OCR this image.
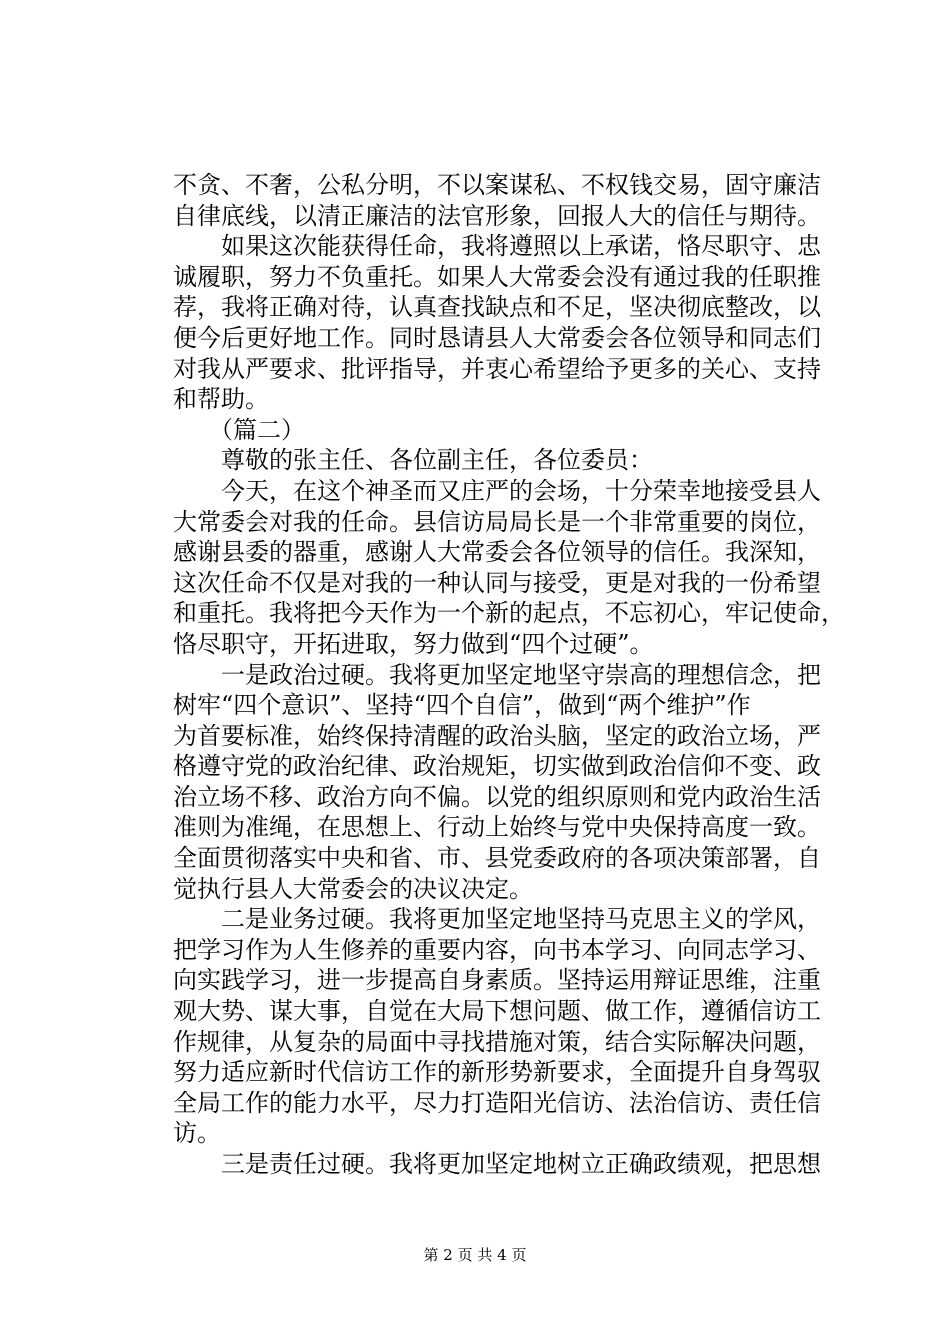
不贪、不奢，公私分明，不以案谋私、不权钱交易，固守廉洁
自律底线，以清正廉洁的法官形象，回报人大的信任与期待。
　　如果这次能获得任命，我将遵照以上承诺，恪尽职守、忠
诚履职，努力不负重托。如果人大常委会没有通过我的任职推
荐，我将正确对待，认真查找缺点和不足，坚决彻底整改，以
便今后更好地工作。同时恳请县人大常委会各位领导和同志们
对我从严要求、批评指导，并衷心希望给予更多的关心、支持
和帮助。
　　（篇二）
　　尊敬的张主任、各位副主任，各位委员：
　　今天，在这个神圣而又庄严的会场，十分荣幸地接受县人
大常委会对我的任命。县信访局局长是一个非常重要的岗位，
感谢县委的器重，感谢人大常委会各位领导的信任。我深知，
这次任命不仅是对我的一种认同与接受，更是对我的一份希望
和重托。我将把今天作为一个新的起点，不忘初心，牢记使命，
恪尽职守，开拓进取，努力做到“四个过硬”。
　　一是政治过硬。我将更加坚定地坚守崇高的理想信念，把
树牢“四个意识”、坚持“四个自信”，做到“两个维护”作
为首要标准，始终保持清醒的政治头脑，坚定的政治立场，严
格遵守党的政治纪律、政治规矩，切实做到政治信仰不变、政
治立场不移、政治方向不偏。以党的组织原则和党内政治生活
准则为准绳，在思想上、行动上始终与党中央保持高度一致。
全面贯彻落实中央和省、市、县党委政府的各项决策部署，自
觉执行县人大常委会的决议决定。
　　二是业务过硬。我将更加坚定地坚持马克思主义的学风，
把学习作为人生修养的重要内容，向书本学习、向同志学习、
向实践学习，进一步提高自身素质。坚持运用辩证思维，注重
观大势、谋大事，自觉在大局下想问题、做工作，遵循信访工
作规律，从复杂的局面中寻找措施对策，结合实际解决问题，
努力适应新时代信访工作的新形势新要求，全面提升自身驾驭
全局工作的能力水平，尽力打造阳光信访、法治信访、责任信
访。
　　三是责任过硬。我将更加坚定地树立正确政绩观，把思想
第 2 页 共 4 页
